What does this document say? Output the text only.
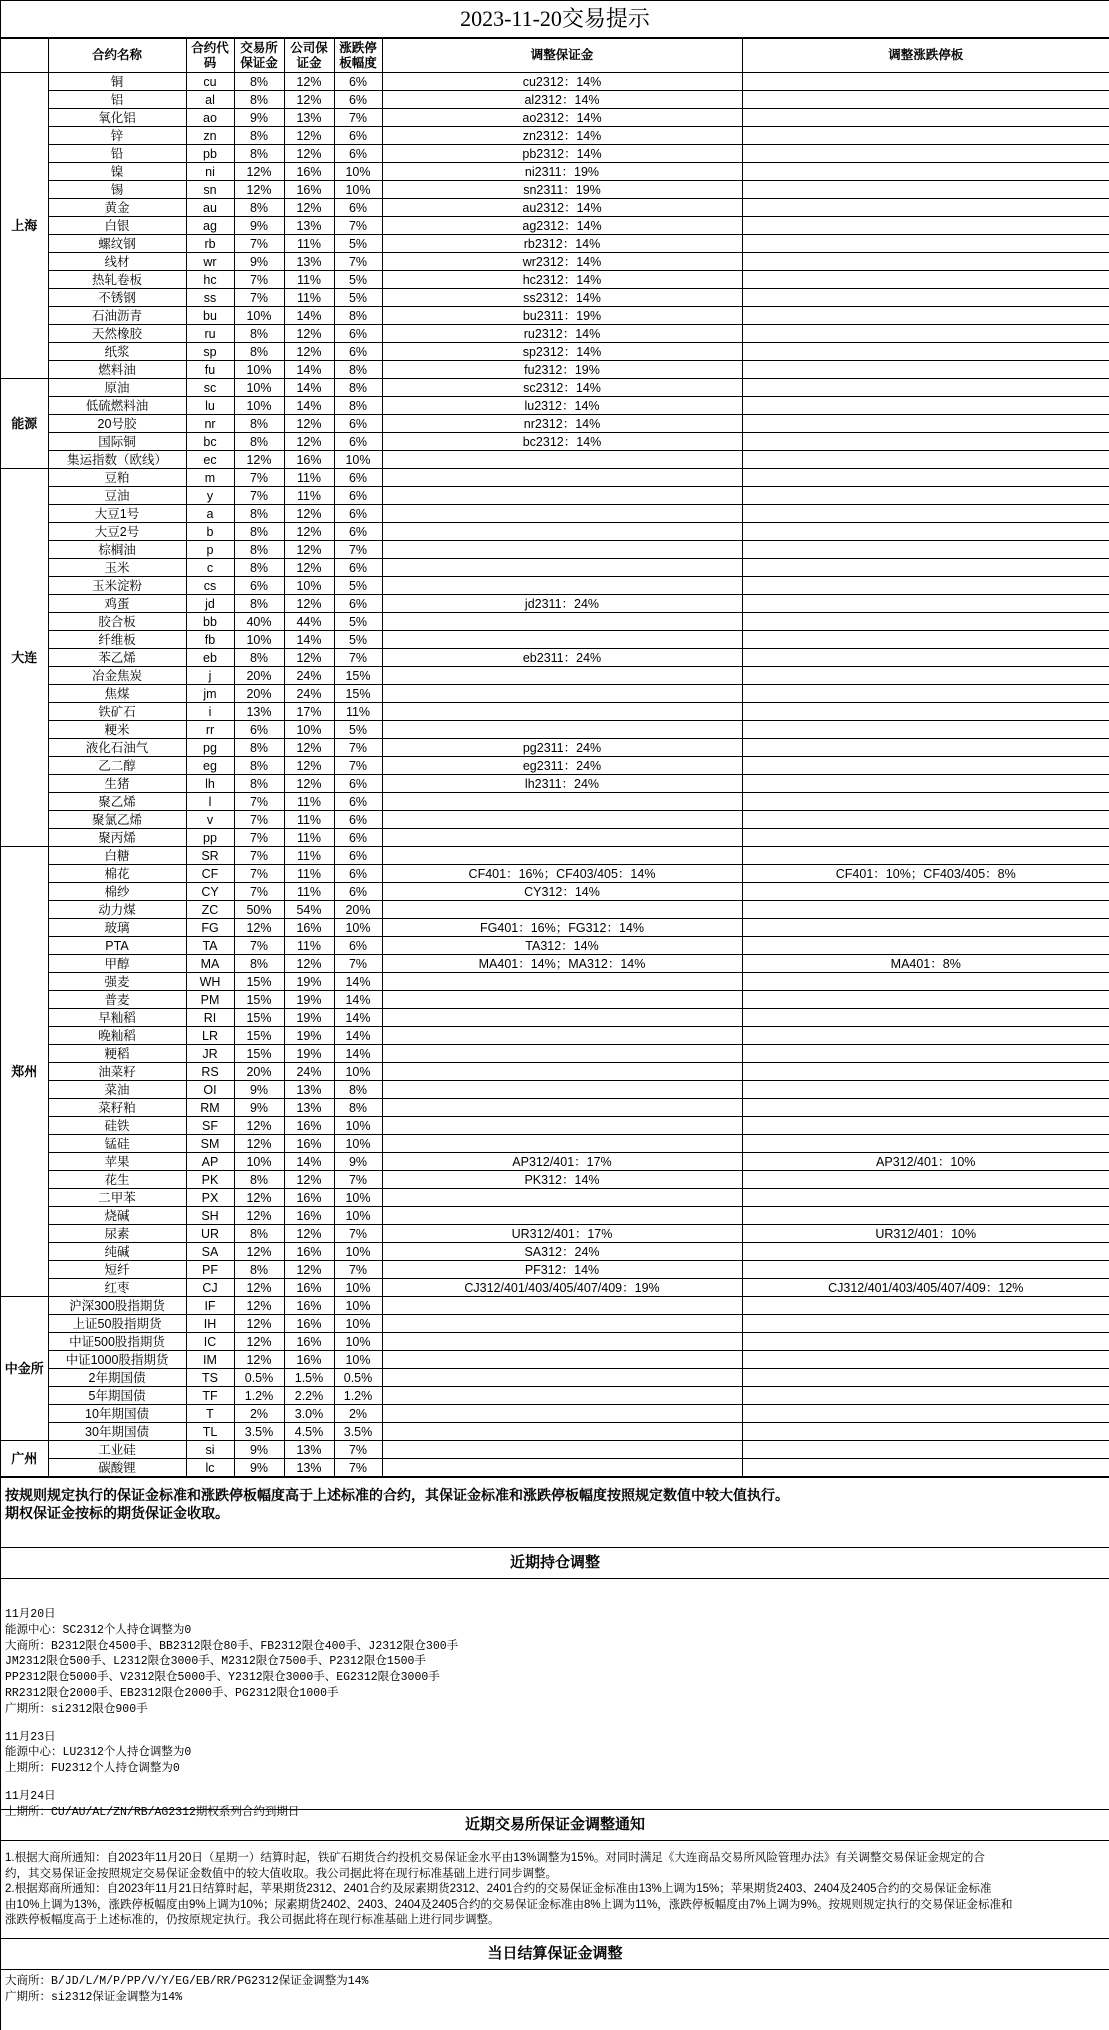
2023-11-20交易提示
	合约名称	合约代码	交易所保证金	公司保证金	涨跌停板幅度	调整保证金	调整涨跌停板
上海	铜	cu	8%	12%	6%	cu2312：14%	
	铝	al	8%	12%	6%	al2312：14%	
	氧化铝	ao	9%	13%	7%	ao2312：14%	
	锌	zn	8%	12%	6%	zn2312：14%	
	铅	pb	8%	12%	6%	pb2312：14%	
	镍	ni	12%	16%	10%	ni2311：19%	
	锡	sn	12%	16%	10%	sn2311：19%	
	黄金	au	8%	12%	6%	au2312：14%	
	白银	ag	9%	13%	7%	ag2312：14%	
	螺纹钢	rb	7%	11%	5%	rb2312：14%	
	线材	wr	9%	13%	7%	wr2312：14%	
	热轧卷板	hc	7%	11%	5%	hc2312：14%	
	不锈钢	ss	7%	11%	5%	ss2312：14%	
	石油沥青	bu	10%	14%	8%	bu2311：19%	
	天然橡胶	ru	8%	12%	6%	ru2312：14%	
	纸浆	sp	8%	12%	6%	sp2312：14%	
	燃料油	fu	10%	14%	8%	fu2312：19%	
能源	原油	sc	10%	14%	8%	sc2312：14%	
	低硫燃料油	lu	10%	14%	8%	lu2312：14%	
	20号胶	nr	8%	12%	6%	nr2312：14%	
	国际铜	bc	8%	12%	6%	bc2312：14%	
	集运指数（欧线）	ec	12%	16%	10%		
大连	豆粕	m	7%	11%	6%		
	豆油	y	7%	11%	6%		
	大豆1号	a	8%	12%	6%		
	大豆2号	b	8%	12%	6%		
	棕榈油	p	8%	12%	7%		
	玉米	c	8%	12%	6%		
	玉米淀粉	cs	6%	10%	5%		
	鸡蛋	jd	8%	12%	6%	jd2311：24%	
	胶合板	bb	40%	44%	5%		
	纤维板	fb	10%	14%	5%		
	苯乙烯	eb	8%	12%	7%	eb2311：24%	
	冶金焦炭	j	20%	24%	15%		
	焦煤	jm	20%	24%	15%		
	铁矿石	i	13%	17%	11%		
	粳米	rr	6%	10%	5%		
	液化石油气	pg	8%	12%	7%	pg2311：24%	
	乙二醇	eg	8%	12%	7%	eg2311：24%	
	生猪	lh	8%	12%	6%	lh2311：24%	
	聚乙烯	l	7%	11%	6%		
	聚氯乙烯	v	7%	11%	6%		
	聚丙烯	pp	7%	11%	6%		
郑州	白糖	SR	7%	11%	6%		
	棉花	CF	7%	11%	6%	CF401：16%；CF403/405：14%	CF401：10%；CF403/405：8%
	棉纱	CY	7%	11%	6%	CY312：14%	
	动力煤	ZC	50%	54%	20%		
	玻璃	FG	12%	16%	10%	FG401：16%；FG312：14%	
	PTA	TA	7%	11%	6%	TA312：14%	
	甲醇	MA	8%	12%	7%	MA401：14%；MA312：14%	MA401：8%
	强麦	WH	15%	19%	14%		
	普麦	PM	15%	19%	14%		
	早籼稻	RI	15%	19%	14%		
	晚籼稻	LR	15%	19%	14%		
	粳稻	JR	15%	19%	14%		
	油菜籽	RS	20%	24%	10%		
	菜油	OI	9%	13%	8%		
	菜籽粕	RM	9%	13%	8%		
	硅铁	SF	12%	16%	10%		
	锰硅	SM	12%	16%	10%		
	苹果	AP	10%	14%	9%	AP312/401：17%	AP312/401：10%
	花生	PK	8%	12%	7%	PK312：14%	
	二甲苯	PX	12%	16%	10%		
	烧碱	SH	12%	16%	10%		
	尿素	UR	8%	12%	7%	UR312/401：17%	UR312/401：10%
	纯碱	SA	12%	16%	10%	SA312：24%	
	短纤	PF	8%	12%	7%	PF312：14%	
	红枣	CJ	12%	16%	10%	CJ312/401/403/405/407/409：19%	CJ312/401/403/405/407/409：12%
中金所	沪深300股指期货	IF	12%	16%	10%		
	上证50股指期货	IH	12%	16%	10%		
	中证500股指期货	IC	12%	16%	10%		
	中证1000股指期货	IM	12%	16%	10%		
	2年期国债	TS	0.5%	1.5%	0.5%		
	5年期国债	TF	1.2%	2.2%	1.2%		
	10年期国债	T	2%	3.0%	2%		
	30年期国债	TL	3.5%	4.5%	3.5%		
广州	工业硅	si	9%	13%	7%		
	碳酸锂	lc	9%	13%	7%		
按规则规定执行的保证金标准和涨跌停板幅度高于上述标准的合约，其保证金标准和涨跌停板幅度按照规定数值中较大值执行。
期权保证金按标的期货保证金收取。
近期持仓调整
11月20日
能源中心：SC2312个人持仓调整为0
大商所：B2312限仓4500手、BB2312限仓80手、FB2312限仓400手、J2312限仓300手
JM2312限仓500手、L2312限仓3000手、M2312限仓7500手、P2312限仓1500手
PP2312限仓5000手、V2312限仓5000手、Y2312限仓3000手、EG2312限仓3000手
RR2312限仓2000手、EB2312限仓2000手、PG2312限仓1000手
广期所：si2312限仓900手
11月23日
能源中心：LU2312个人持仓调整为0
上期所：FU2312个人持仓调整为0
11月24日
上期所：CU/AU/AL/ZN/RB/AG2312期权系列合约到期日
近期交易所保证金调整通知
1.根据大商所通知：自2023年11月20日（星期一）结算时起，铁矿石期货合约投机交易保证金水平由13%调整为15%。对同时满足《大连商品交易所风险管理办法》有关调整交易保证金规定的合
约，其交易保证金按照规定交易保证金数值中的较大值收取。我公司据此将在现行标准基础上进行同步调整。
2.根据郑商所通知：自2023年11月21日结算时起，苹果期货2312、2401合约及尿素期货2312、2401合约的交易保证金标准由13%上调为15%；苹果期货2403、2404及2405合约的交易保证金标准
由10%上调为13%，涨跌停板幅度由9%上调为10%；尿素期货2402、2403、2404及2405合约的交易保证金标准由8%上调为11%，涨跌停板幅度由7%上调为9%。按规则规定执行的交易保证金标准和
涨跌停板幅度高于上述标准的，仍按原规定执行。我公司据此将在现行标准基础上进行同步调整。
当日结算保证金调整
大商所：B/JD/L/M/P/PP/V/Y/EG/EB/RR/PG2312保证金调整为14%
广期所：si2312保证金调整为14%
